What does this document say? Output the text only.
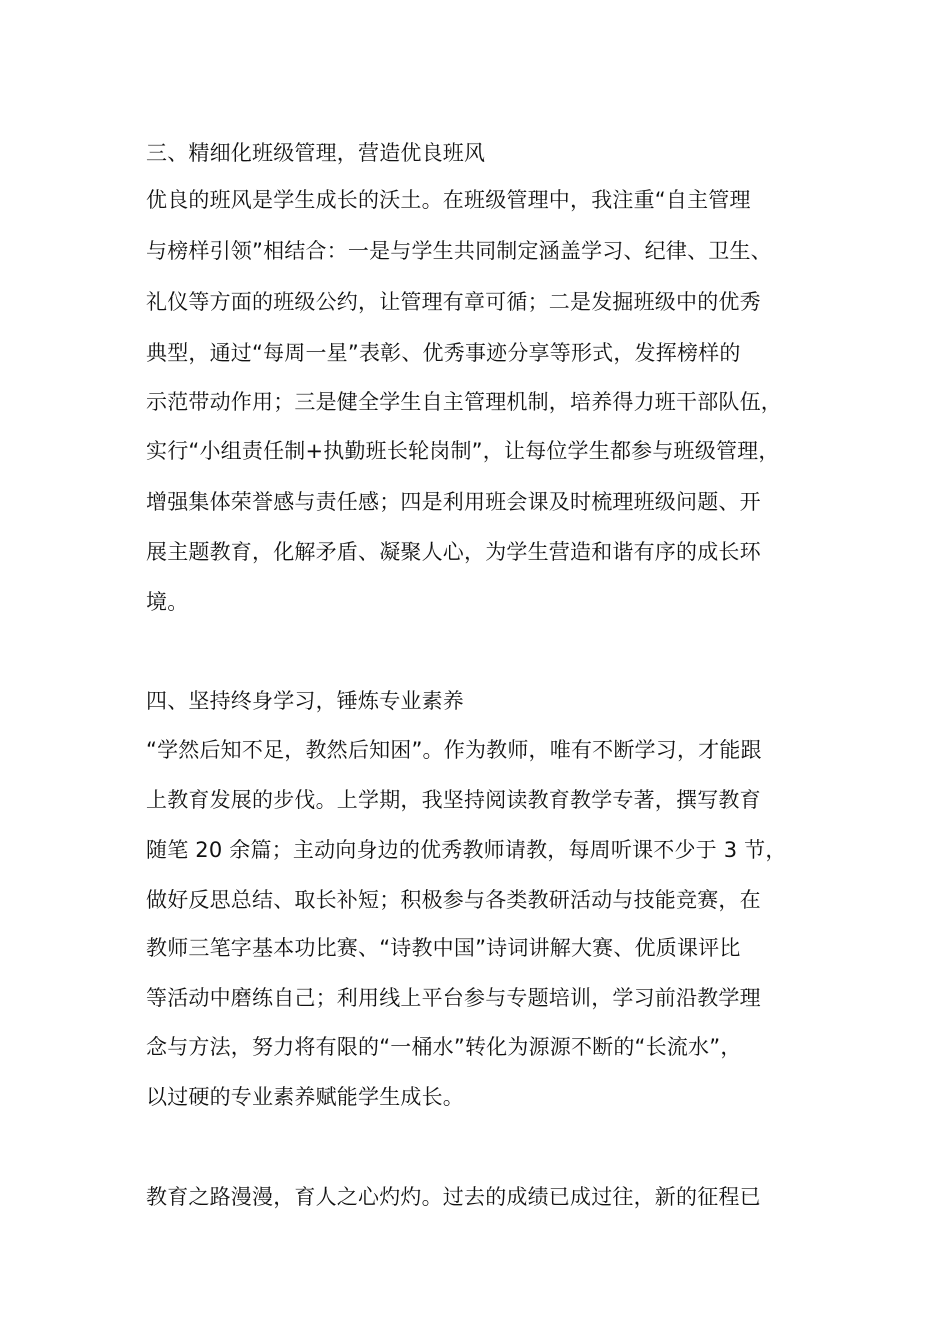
三、精细化班级管理，营造优良班风
优良的班风是学生成长的沃土。在班级管理中，我注重“自主管理
与榜样引领”相结合：一是与学生共同制定涵盖学习、纪律、卫生、
礼仪等方面的班级公约，让管理有章可循；二是发掘班级中的优秀
典型，通过“每周一星”表彰、优秀事迹分享等形式，发挥榜样的
示范带动作用；三是健全学生自主管理机制，培养得力班干部队伍，
实行“小组责任制+执勤班长轮岗制”，让每位学生都参与班级管理，
增强集体荣誉感与责任感；四是利用班会课及时梳理班级问题、开
展主题教育，化解矛盾、凝聚人心，为学生营造和谐有序的成长环
境。
四、坚持终身学习，锤炼专业素养
“学然后知不足，教然后知困”。作为教师，唯有不断学习，才能跟
上教育发展的步伐。上学期，我坚持阅读教育教学专著，撰写教育
随笔 20 余篇；主动向身边的优秀教师请教，每周听课不少于 3 节，
做好反思总结、取长补短；积极参与各类教研活动与技能竞赛，在
教师三笔字基本功比赛、“诗教中国”诗词讲解大赛、优质课评比
等活动中磨练自己；利用线上平台参与专题培训，学习前沿教学理
念与方法，努力将有限的“一桶水”转化为源源不断的“长流水”，
以过硬的专业素养赋能学生成长。
教育之路漫漫，育人之心灼灼。过去的成绩已成过往，新的征程已
